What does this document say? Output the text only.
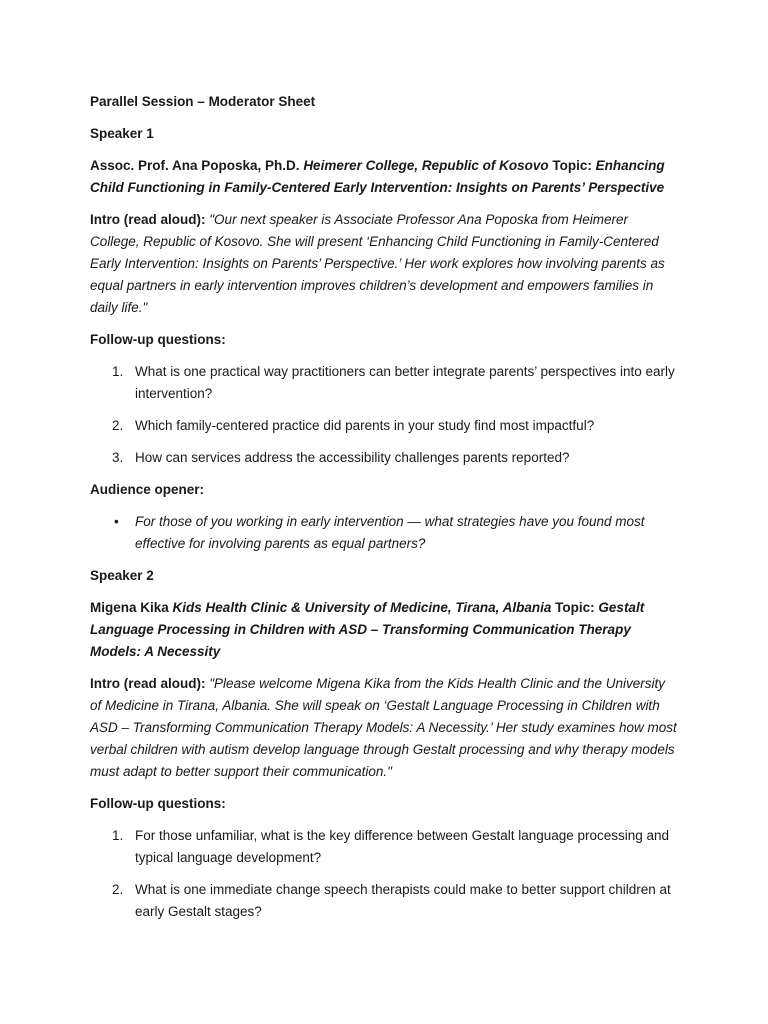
Parallel Session – Moderator Sheet

Speaker 1

Assoc. Prof. Ana Poposka, Ph.D. Heimerer College, Republic of Kosovo Topic: Enhancing Child Functioning in Family-Centered Early Intervention: Insights on Parents’ Perspective

Intro (read aloud): "Our next speaker is Associate Professor Ana Poposka from Heimerer College, Republic of Kosovo. She will present ‘Enhancing Child Functioning in Family-Centered Early Intervention: Insights on Parents’ Perspective.’ Her work explores how involving parents as equal partners in early intervention improves children’s development and empowers families in daily life."

Follow-up questions:

1. What is one practical way practitioners can better integrate parents’ perspectives into early intervention?
2. Which family-centered practice did parents in your study find most impactful?
3. How can services address the accessibility challenges parents reported?

Audience opener:

• For those of you working in early intervention — what strategies have you found most effective for involving parents as equal partners?

Speaker 2

Migena Kika Kids Health Clinic & University of Medicine, Tirana, Albania Topic: Gestalt Language Processing in Children with ASD – Transforming Communication Therapy Models: A Necessity

Intro (read aloud): "Please welcome Migena Kika from the Kids Health Clinic and the University of Medicine in Tirana, Albania. She will speak on ‘Gestalt Language Processing in Children with ASD – Transforming Communication Therapy Models: A Necessity.’ Her study examines how most verbal children with autism develop language through Gestalt processing and why therapy models must adapt to better support their communication."

Follow-up questions:

1. For those unfamiliar, what is the key difference between Gestalt language processing and typical language development?
2. What is one immediate change speech therapists could make to better support children at early Gestalt stages?
